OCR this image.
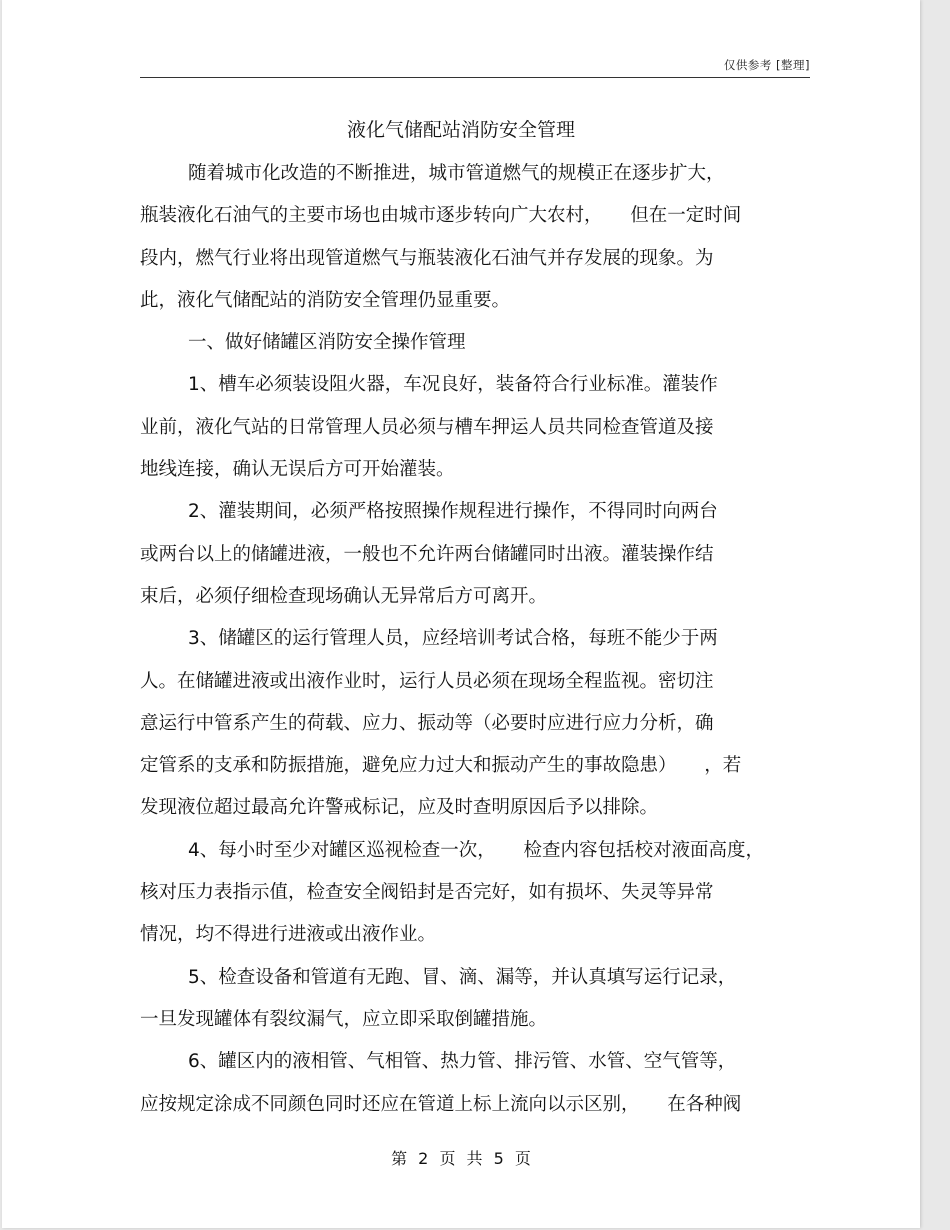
仅供参考 [整理]
液化气储配站消防安全管理
随着城市化改造的不断推进，城市管道燃气的规模正在逐步扩大，
瓶装液化石油气的主要市场也由城市逐步转向广大农村，　　但在一定时间
段内，燃气行业将出现管道燃气与瓶装液化石油气并存发展的现象。为
此，液化气储配站的消防安全管理仍显重要。
一、做好储罐区消防安全操作管理
1、槽车必须装设阻火器，车况良好，装备符合行业标准。灌装作
业前，液化气站的日常管理人员必须与槽车押运人员共同检查管道及接
地线连接，确认无误后方可开始灌装。
2、灌装期间，必须严格按照操作规程进行操作，不得同时向两台
或两台以上的储罐进液，一般也不允许两台储罐同时出液。灌装操作结
束后，必须仔细检查现场确认无异常后方可离开。
3、储罐区的运行管理人员，应经培训考试合格，每班不能少于两
人。在储罐进液或出液作业时，运行人员必须在现场全程监视。密切注
意运行中管系产生的荷载、应力、振动等（必要时应进行应力分析，确
定管系的支承和防振措施，避免应力过大和振动产生的事故隐患）　　，若
发现液位超过最高允许警戒标记，应及时查明原因后予以排除。
4、每小时至少对罐区巡视检查一次，　　检查内容包括校对液面高度，
核对压力表指示值，检查安全阀铅封是否完好，如有损坏、失灵等异常
情况，均不得进行进液或出液作业。
5、检查设备和管道有无跑、冒、滴、漏等，并认真填写运行记录，
一旦发现罐体有裂纹漏气，应立即采取倒罐措施。
6、罐区内的液相管、气相管、热力管、排污管、水管、空气管等，
应按规定涂成不同颜色同时还应在管道上标上流向以示区别，　　在各种阀
第 2 页 共 5 页
